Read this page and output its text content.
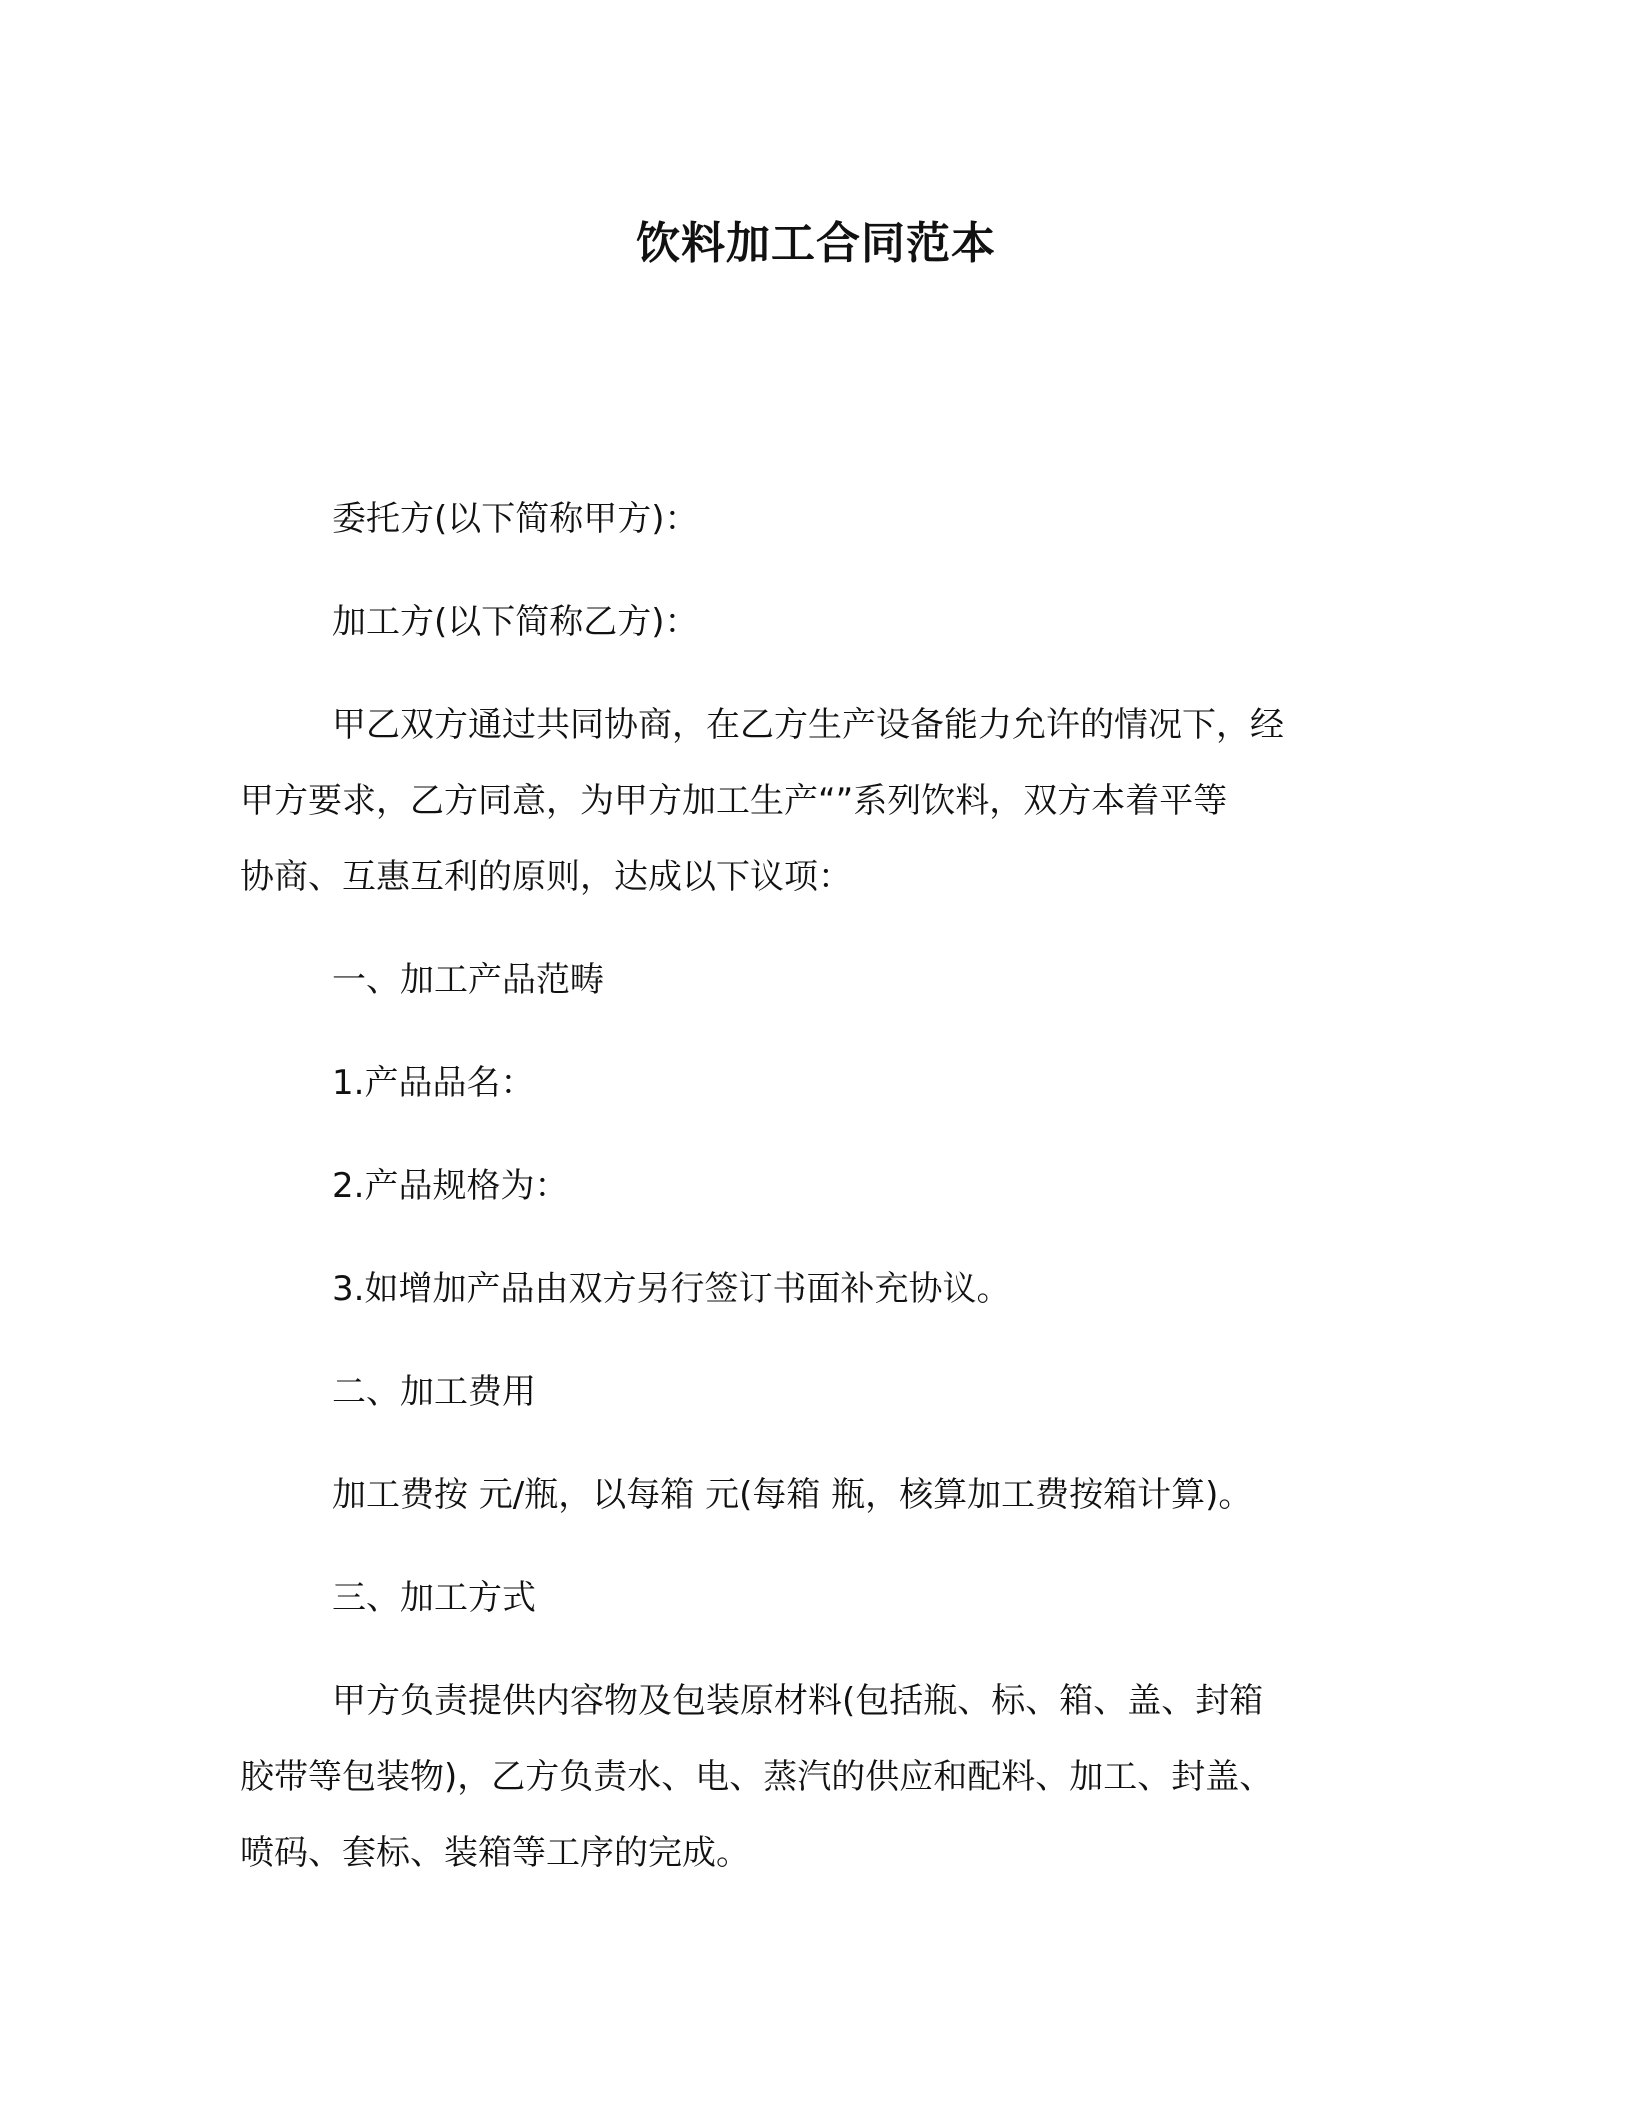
饮料加工合同范本

委托方(以下简称甲方)：

加工方(以下简称乙方)：

甲乙双方通过共同协商，在乙方生产设备能力允许的情况下，经

甲方要求，乙方同意，为甲方加工生产“”系列饮料，双方本着平等

协商、互惠互利的原则，达成以下议项：

一、加工产品范畴

1.产品品名：

2.产品规格为：

3.如增加产品由双方另行签订书面补充协议。

二、加工费用

加工费按 元/瓶，以每箱 元(每箱 瓶，核算加工费按箱计算)。

三、加工方式

甲方负责提供内容物及包装原材料(包括瓶、标、箱、盖、封箱

胶带等包装物)，乙方负责水、电、蒸汽的供应和配料、加工、封盖、

喷码、套标、装箱等工序的完成。
